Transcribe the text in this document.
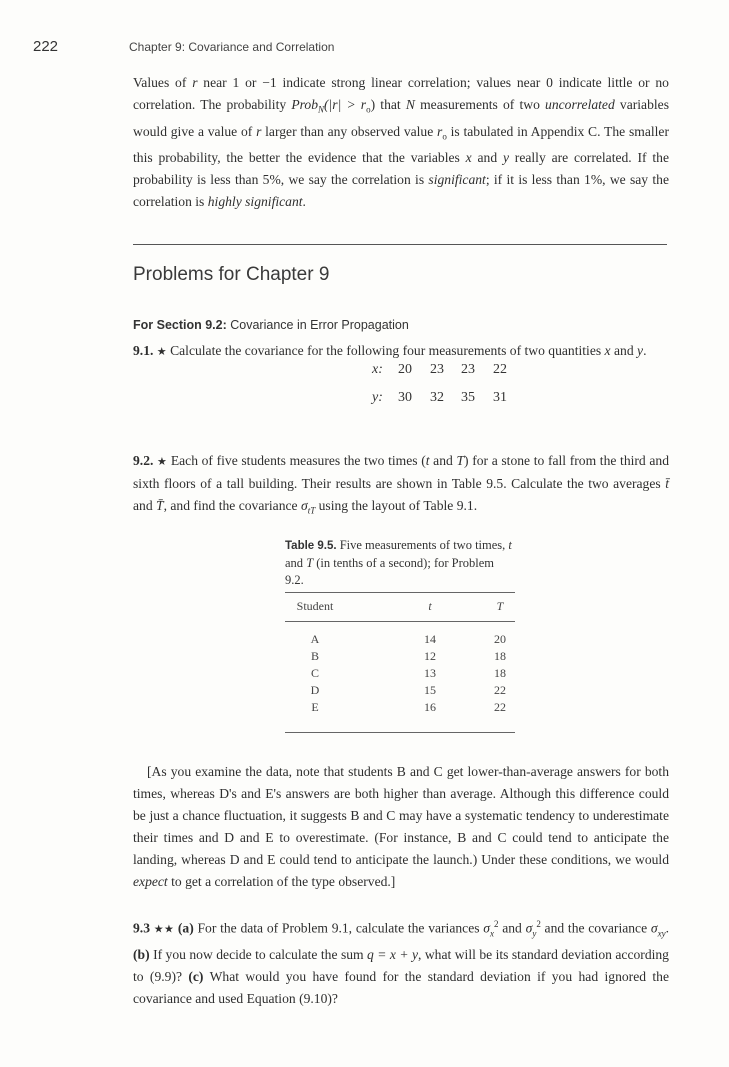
222	Chapter 9: Covariance and Correlation
Values of r near 1 or −1 indicate strong linear correlation; values near 0 indicate little or no correlation. The probability Prob$_N$(|r| > $r_o$) that N measurements of two uncorrelated variables would give a value of r larger than any observed value $r_o$ is tabulated in Appendix C. The smaller this probability, the better the evidence that the variables x and y really are correlated. If the probability is less than 5%, we say the correlation is significant; if it is less than 1%, we say the correlation is highly significant.
Problems for Chapter 9
For Section 9.2: Covariance in Error Propagation
9.1. ★ Calculate the covariance for the following four measurements of two quantities x and y.
x: 20 23 23 22
y: 30 32 35 31
9.2. ★ Each of five students measures the two times (t and T) for a stone to fall from the third and sixth floors of a tall building. Their results are shown in Table 9.5. Calculate the two averages t̄ and T̄, and find the covariance $\sigma_{tT}$ using the layout of Table 9.1.
Table 9.5. Five measurements of two times, t and T (in tenths of a second); for Problem 9.2.
Student	t	T
A	14	20
B	12	18
C	13	18
D	15	22
E	16	22
[As you examine the data, note that students B and C get lower-than-average answers for both times, whereas D's and E's answers are both higher than average. Although this difference could be just a chance fluctuation, it suggests B and C may have a systematic tendency to underestimate their times and D and E to overestimate. (For instance, B and C could tend to anticipate the landing, whereas D and E could tend to anticipate the launch.) Under these conditions, we would expect to get a correlation of the type observed.]
9.3 ★★ (a) For the data of Problem 9.1, calculate the variances $\sigma_x^2$ and $\sigma_y^2$ and the covariance $\sigma_{xy}$. (b) If you now decide to calculate the sum q = x + y, what will be its standard deviation according to (9.9)? (c) What would you have found for the standard deviation if you had ignored the covariance and used Equation (9.10)?
